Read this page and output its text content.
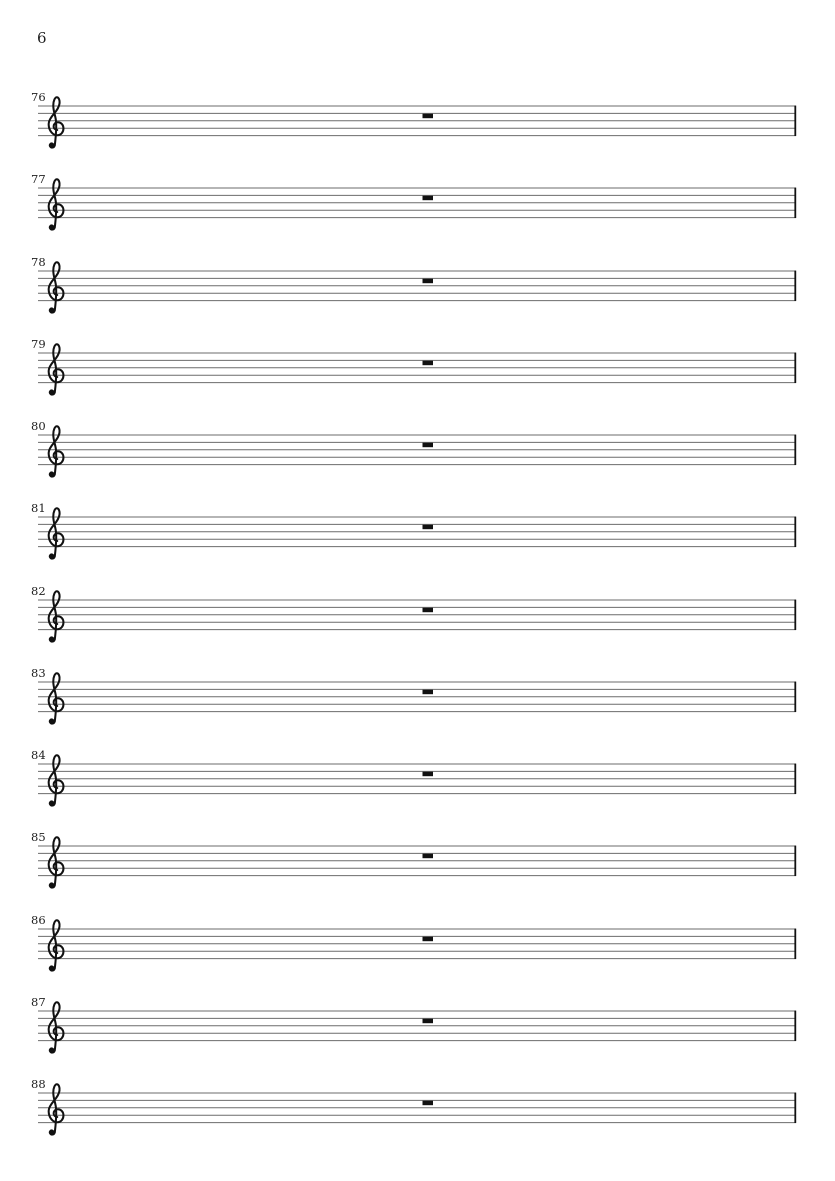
6
76
77
78
79
80
81
82
83
84
85
86
87
88
